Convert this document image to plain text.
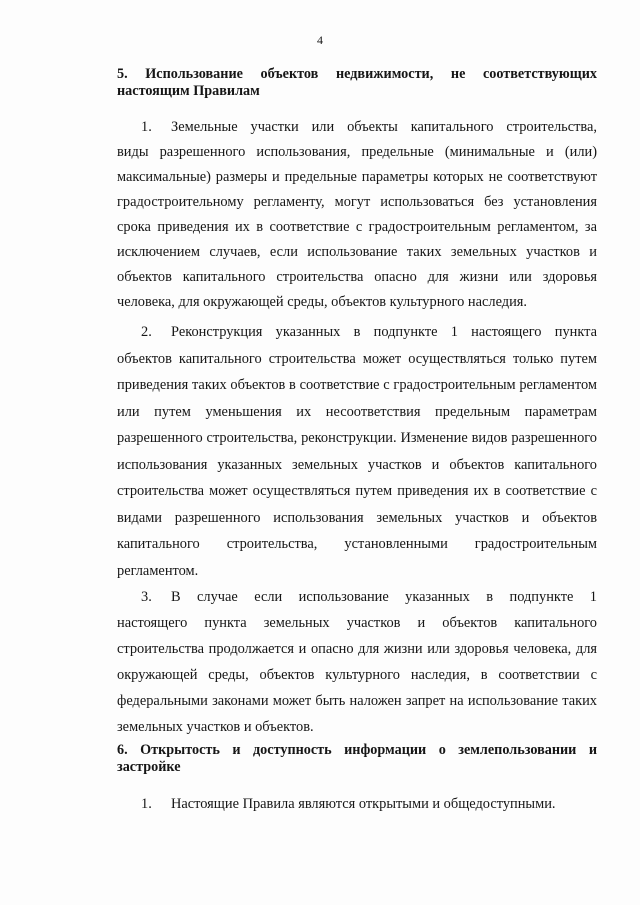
4
5. Использование объектов недвижимости, не соответствующих настоящим Правилам
1. Земельные участки или объекты капитального строительства,
виды разрешенного использования, предельные (минимальные и (или)
максимальные) размеры и предельные параметры которых не соответствуют
градостроительному регламенту, могут использоваться без установления
срока приведения их в соответствие с градостроительным регламентом, за
исключением случаев, если использование таких земельных участков и
объектов капитального строительства опасно для жизни или здоровья
человека, для окружающей среды, объектов культурного наследия.
2. Реконструкция указанных в подпункте 1 настоящего пункта
объектов капитального строительства может осуществляться только путем
приведения таких объектов в соответствие с градостроительным регламентом
или путем уменьшения их несоответствия предельным параметрам
разрешенного строительства, реконструкции. Изменение видов разрешенного
использования указанных земельных участков и объектов капитального
строительства может осуществляться путем приведения их в соответствие с
видами разрешенного использования земельных участков и объектов
капитального строительства, установленными градостроительным
регламентом.
3. В случае если использование указанных в подпункте 1
настоящего пункта земельных участков и объектов капитального
строительства продолжается и опасно для жизни или здоровья человека, для
окружающей среды, объектов культурного наследия, в соответствии с
федеральными законами может быть наложен запрет на использование таких
земельных участков и объектов.
6. Открытость и доступность информации о землепользовании и застройке
1. Настоящие Правила являются открытыми и общедоступными.
